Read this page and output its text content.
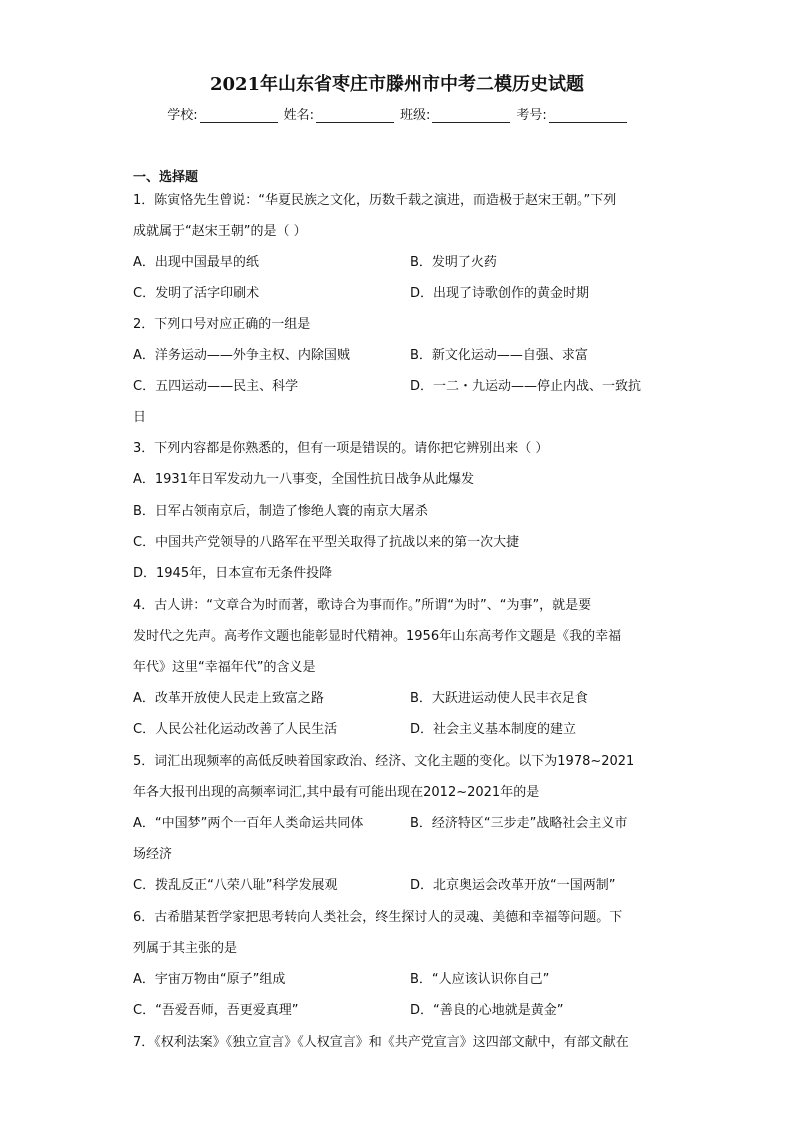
2021年山东省枣庄市滕州市中考二模历史试题
学校:	姓名:	班级:	考号:
一、选择题
1．陈寅恪先生曾说：“华夏民族之文化，历数千载之演进，而造极于赵宋王朝。”下列
成就属于“赵宋王朝”的是（ ）
A．出现中国最早的纸	B．发明了火药
C．发明了活字印刷术	D．出现了诗歌创作的黄金时期
2．下列口号对应正确的一组是
A．洋务运动——外争主权、内除国贼	B．新文化运动——自强、求富
C．五四运动——民主、科学	D．一二・九运动——停止内战、一致抗
日
3．下列内容都是你熟悉的，但有一项是错误的。请你把它辨别出来（ ）
A．1931年日军发动九一八事变，全国性抗日战争从此爆发
B．日军占领南京后，制造了惨绝人寰的南京大屠杀
C．中国共产党领导的八路军在平型关取得了抗战以来的第一次大捷
D．1945年，日本宣布无条件投降
4．古人讲：“文章合为时而著，歌诗合为事而作。”所谓“为时”、“为事”，就是要
发时代之先声。高考作文题也能彰显时代精神。1956年山东高考作文题是《我的幸福
年代》这里“幸福年代”的含义是
A．改革开放使人民走上致富之路	B．大跃进运动使人民丰衣足食
C．人民公社化运动改善了人民生活	D．社会主义基本制度的建立
5．词汇出现频率的高低反映着国家政治、经济、文化主题的变化。以下为1978~2021
年各大报刊出现的高频率词汇,其中最有可能出现在2012~2021年的是
A．“中国梦”两个一百年人类命运共同体	B．经济特区“三步走”战略社会主义市
场经济
C．拨乱反正“八荣八耻”科学发展观	D．北京奥运会改革开放“一国两制”
6．古希腊某哲学家把思考转向人类社会，终生探讨人的灵魂、美德和幸福等问题。下
列属于其主张的是
A．宇宙万物由“原子”组成	B．“人应该认识你自己”
C．“吾爱吾师，吾更爱真理”	D．“善良的心地就是黄金”
7．《权利法案》《独立宣言》《人权宣言》和《共产党宣言》这四部文献中，有部文献在
